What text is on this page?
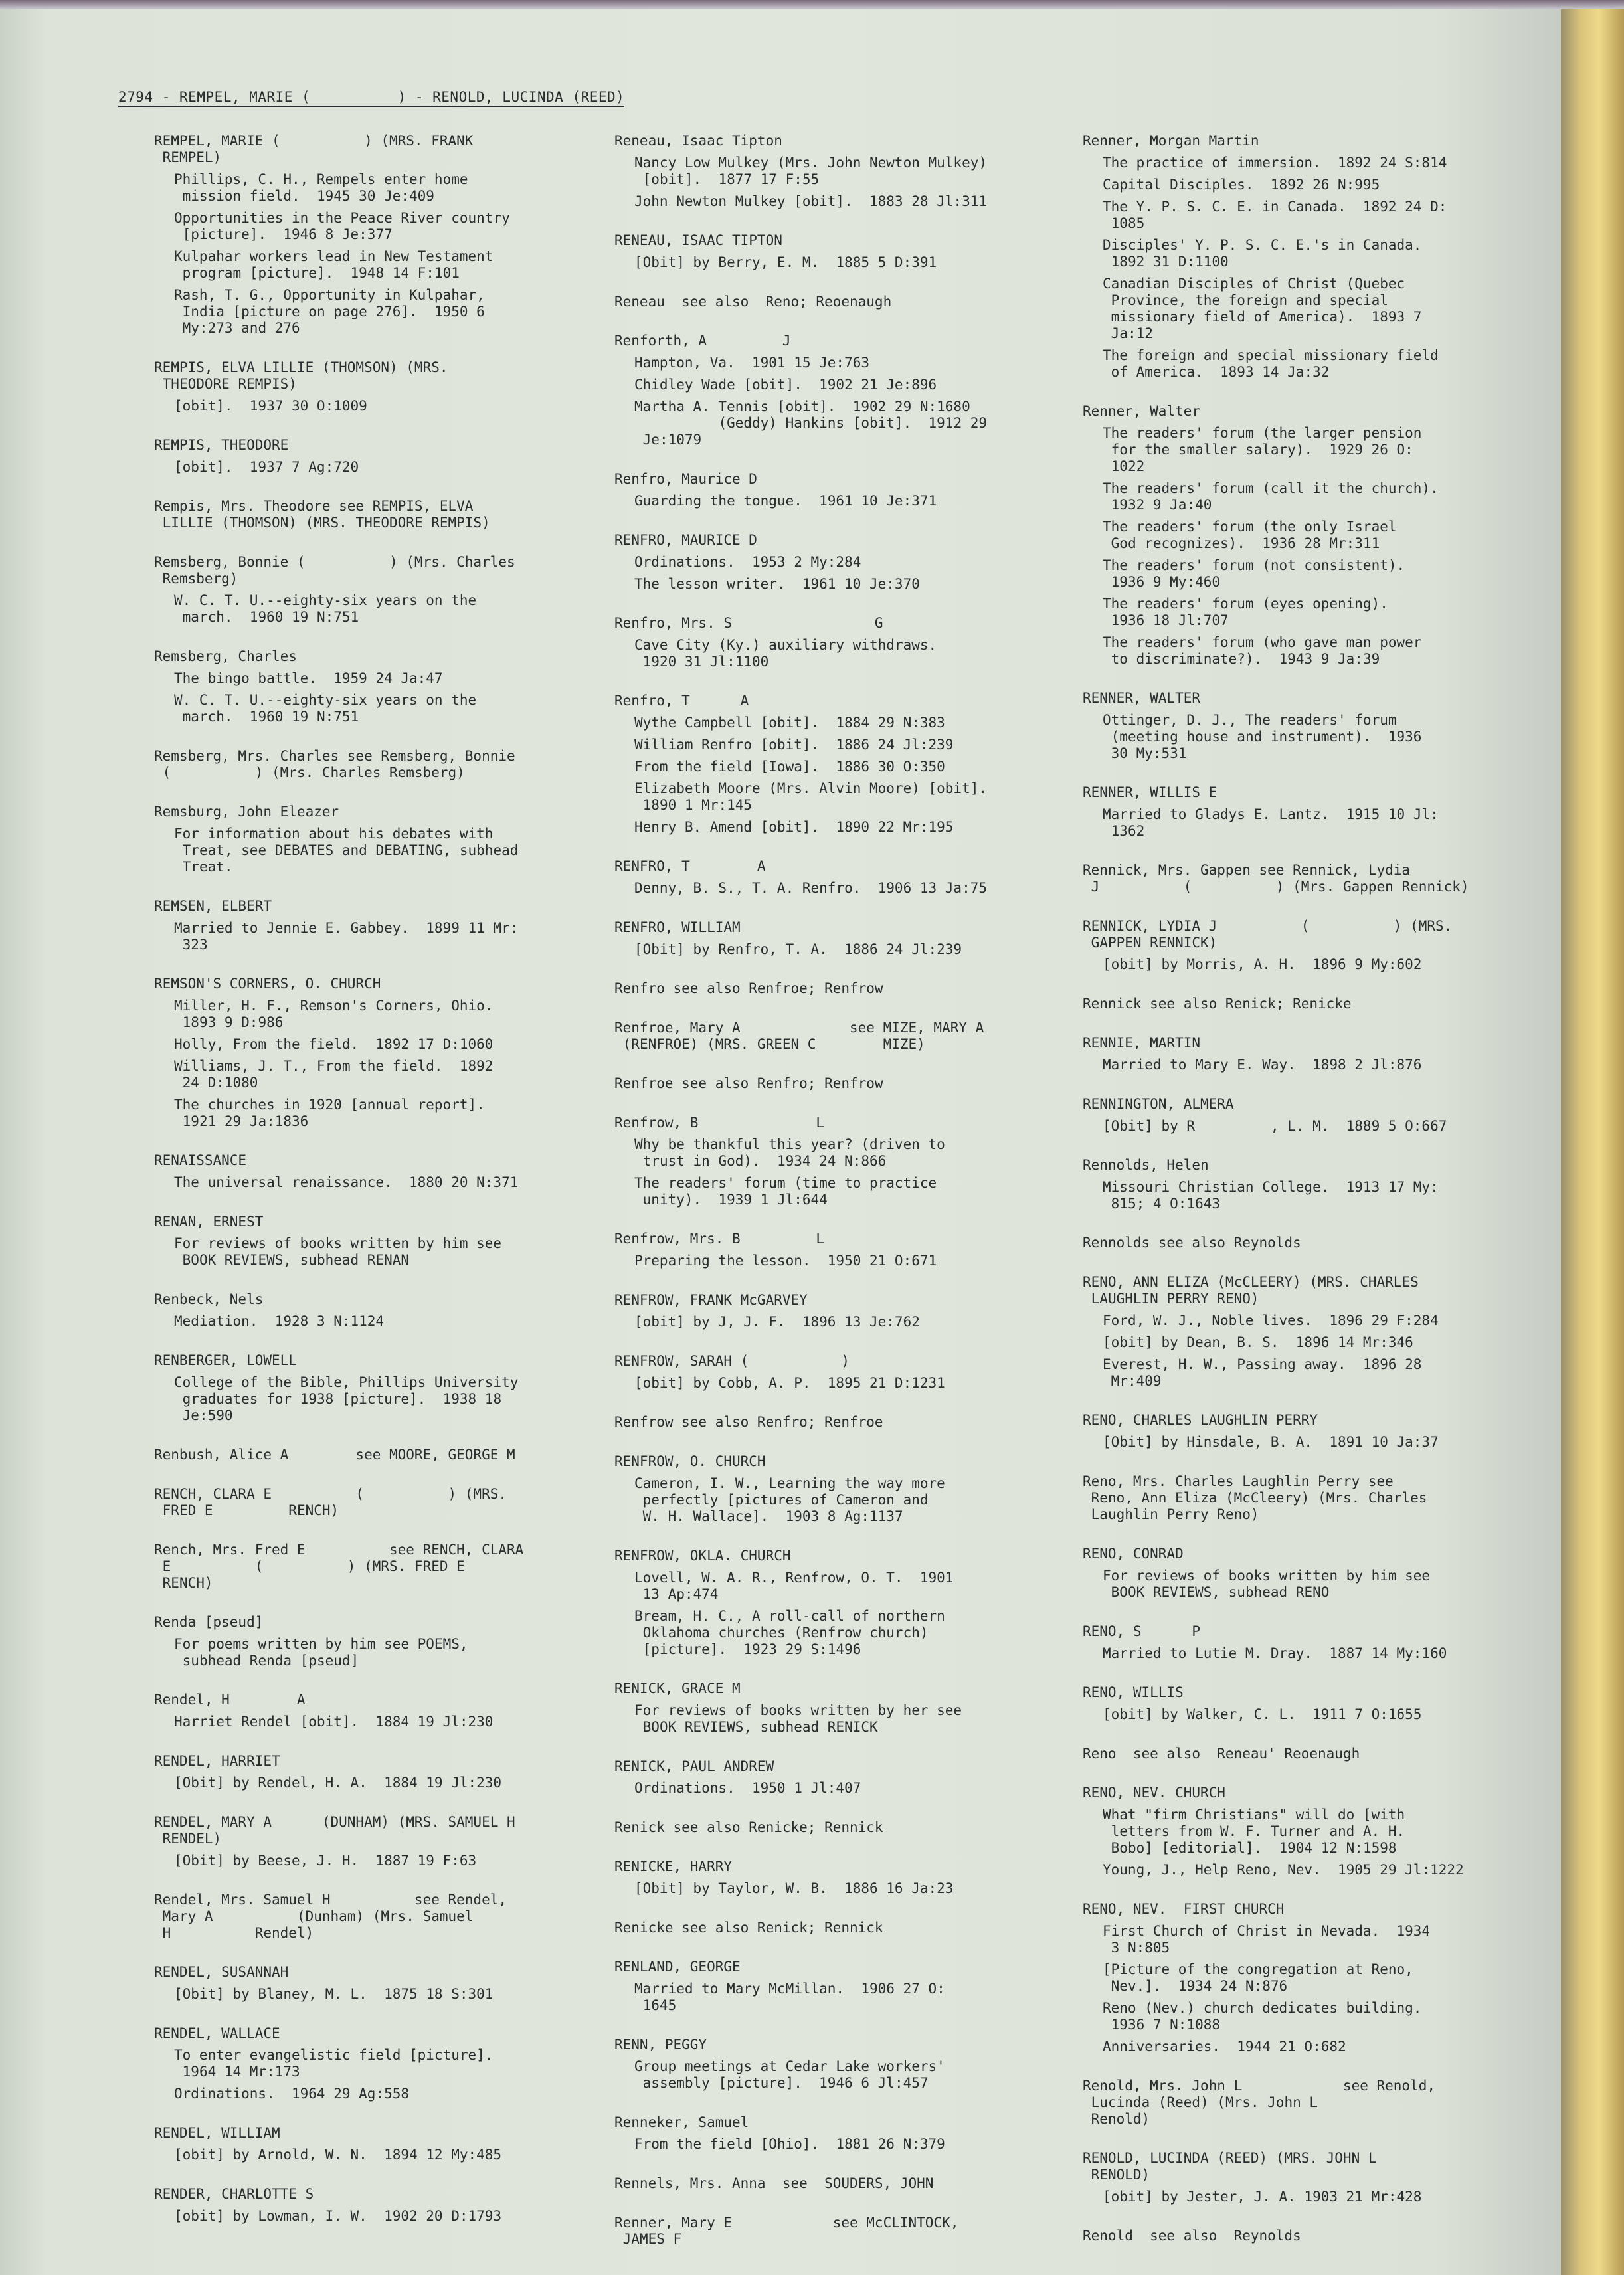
2794 - REMPEL, MARIE (          ) - RENOLD, LUCINDA (REED)
REMPEL, MARIE (          ) (MRS. FRANK
REMPEL)
Phillips, C. H., Rempels enter home
mission field.  1945 30 Je:409
Opportunities in the Peace River country
[picture].  1946 8 Je:377
Kulpahar workers lead in New Testament
program [picture].  1948 14 F:101
Rash, T. G., Opportunity in Kulpahar,
India [picture on page 276].  1950 6
My:273 and 276
REMPIS, ELVA LILLIE (THOMSON) (MRS.
THEODORE REMPIS)
[obit].  1937 30 O:1009
REMPIS, THEODORE
[obit].  1937 7 Ag:720
Rempis, Mrs. Theodore see REMPIS, ELVA
LILLIE (THOMSON) (MRS. THEODORE REMPIS)
Remsberg, Bonnie (          ) (Mrs. Charles
Remsberg)
W. C. T. U.--eighty-six years on the
march.  1960 19 N:751
Remsberg, Charles
The bingo battle.  1959 24 Ja:47
W. C. T. U.--eighty-six years on the
march.  1960 19 N:751
Remsberg, Mrs. Charles see Remsberg, Bonnie
(          ) (Mrs. Charles Remsberg)
Remsburg, John Eleazer
For information about his debates with
Treat, see DEBATES and DEBATING, subhead
Treat.
REMSEN, ELBERT
Married to Jennie E. Gabbey.  1899 11 Mr:
323
REMSON'S CORNERS, O. CHURCH
Miller, H. F., Remson's Corners, Ohio.
1893 9 D:986
Holly, From the field.  1892 17 D:1060
Williams, J. T., From the field.  1892
24 D:1080
The churches in 1920 [annual report].
1921 29 Ja:1836
RENAISSANCE
The universal renaissance.  1880 20 N:371
RENAN, ERNEST
For reviews of books written by him see
BOOK REVIEWS, subhead RENAN
Renbeck, Nels
Mediation.  1928 3 N:1124
RENBERGER, LOWELL
College of the Bible, Phillips University
graduates for 1938 [picture].  1938 18
Je:590
Renbush, Alice A        see MOORE, GEORGE M
RENCH, CLARA E          (          ) (MRS.
FRED E         RENCH)
Rench, Mrs. Fred E          see RENCH, CLARA
E          (          ) (MRS. FRED E
RENCH)
Renda [pseud]
For poems written by him see POEMS,
subhead Renda [pseud]
Rendel, H        A
Harriet Rendel [obit].  1884 19 Jl:230
RENDEL, HARRIET
[Obit] by Rendel, H. A.  1884 19 Jl:230
RENDEL, MARY A      (DUNHAM) (MRS. SAMUEL H
RENDEL)
[Obit] by Beese, J. H.  1887 19 F:63
Rendel, Mrs. Samuel H          see Rendel,
Mary A          (Dunham) (Mrs. Samuel
H          Rendel)
RENDEL, SUSANNAH
[Obit] by Blaney, M. L.  1875 18 S:301
RENDEL, WALLACE
To enter evangelistic field [picture].
1964 14 Mr:173
Ordinations.  1964 29 Ag:558
RENDEL, WILLIAM
[obit] by Arnold, W. N.  1894 12 My:485
RENDER, CHARLOTTE S
[obit] by Lowman, I. W.  1902 20 D:1793
Reneau, Isaac Tipton
Nancy Low Mulkey (Mrs. John Newton Mulkey)
[obit].  1877 17 F:55
John Newton Mulkey [obit].  1883 28 Jl:311
RENEAU, ISAAC TIPTON
[Obit] by Berry, E. M.  1885 5 D:391
Reneau  see also  Reno; Reoenaugh
Renforth, A         J
Hampton, Va.  1901 15 Je:763
Chidley Wade [obit].  1902 21 Je:896
Martha A. Tennis [obit].  1902 29 N:1680
(Geddy) Hankins [obit].  1912 29
Je:1079
Renfro, Maurice D
Guarding the tongue.  1961 10 Je:371
RENFRO, MAURICE D
Ordinations.  1953 2 My:284
The lesson writer.  1961 10 Je:370
Renfro, Mrs. S                 G
Cave City (Ky.) auxiliary withdraws.
1920 31 Jl:1100
Renfro, T      A
Wythe Campbell [obit].  1884 29 N:383
William Renfro [obit].  1886 24 Jl:239
From the field [Iowa].  1886 30 O:350
Elizabeth Moore (Mrs. Alvin Moore) [obit].
1890 1 Mr:145
Henry B. Amend [obit].  1890 22 Mr:195
RENFRO, T        A
Denny, B. S., T. A. Renfro.  1906 13 Ja:75
RENFRO, WILLIAM
[Obit] by Renfro, T. A.  1886 24 Jl:239
Renfro see also Renfroe; Renfrow
Renfroe, Mary A             see MIZE, MARY A
(RENFROE) (MRS. GREEN C        MIZE)
Renfroe see also Renfro; Renfrow
Renfrow, B              L
Why be thankful this year? (driven to
trust in God).  1934 24 N:866
The readers' forum (time to practice
unity).  1939 1 Jl:644
Renfrow, Mrs. B         L
Preparing the lesson.  1950 21 O:671
RENFROW, FRANK McGARVEY
[obit] by J, J. F.  1896 13 Je:762
RENFROW, SARAH (           )
[obit] by Cobb, A. P.  1895 21 D:1231
Renfrow see also Renfro; Renfroe
RENFROW, O. CHURCH
Cameron, I. W., Learning the way more
perfectly [pictures of Cameron and
W. H. Wallace].  1903 8 Ag:1137
RENFROW, OKLA. CHURCH
Lovell, W. A. R., Renfrow, O. T.  1901
13 Ap:474
Bream, H. C., A roll-call of northern
Oklahoma churches (Renfrow church)
[picture].  1923 29 S:1496
RENICK, GRACE M
For reviews of books written by her see
BOOK REVIEWS, subhead RENICK
RENICK, PAUL ANDREW
Ordinations.  1950 1 Jl:407
Renick see also Renicke; Rennick
RENICKE, HARRY
[Obit] by Taylor, W. B.  1886 16 Ja:23
Renicke see also Renick; Rennick
RENLAND, GEORGE
Married to Mary McMillan.  1906 27 O:
1645
RENN, PEGGY
Group meetings at Cedar Lake workers'
assembly [picture].  1946 6 Jl:457
Renneker, Samuel
From the field [Ohio].  1881 26 N:379
Rennels, Mrs. Anna  see  SOUDERS, JOHN
Renner, Mary E            see McCLINTOCK,
JAMES F
Renner, Morgan Martin
The practice of immersion.  1892 24 S:814
Capital Disciples.  1892 26 N:995
The Y. P. S. C. E. in Canada.  1892 24 D:
1085
Disciples' Y. P. S. C. E.'s in Canada.
1892 31 D:1100
Canadian Disciples of Christ (Quebec
Province, the foreign and special
missionary field of America).  1893 7
Ja:12
The foreign and special missionary field
of America.  1893 14 Ja:32
Renner, Walter
The readers' forum (the larger pension
for the smaller salary).  1929 26 O:
1022
The readers' forum (call it the church).
1932 9 Ja:40
The readers' forum (the only Israel
God recognizes).  1936 28 Mr:311
The readers' forum (not consistent).
1936 9 My:460
The readers' forum (eyes opening).
1936 18 Jl:707
The readers' forum (who gave man power
to discriminate?).  1943 9 Ja:39
RENNER, WALTER
Ottinger, D. J., The readers' forum
(meeting house and instrument).  1936
30 My:531
RENNER, WILLIS E
Married to Gladys E. Lantz.  1915 10 Jl:
1362
Rennick, Mrs. Gappen see Rennick, Lydia
J          (          ) (Mrs. Gappen Rennick)
RENNICK, LYDIA J          (          ) (MRS.
GAPPEN RENNICK)
[obit] by Morris, A. H.  1896 9 My:602
Rennick see also Renick; Renicke
RENNIE, MARTIN
Married to Mary E. Way.  1898 2 Jl:876
RENNINGTON, ALMERA
[Obit] by R         , L. M.  1889 5 O:667
Rennolds, Helen
Missouri Christian College.  1913 17 My:
815; 4 O:1643
Rennolds see also Reynolds
RENO, ANN ELIZA (McCLEERY) (MRS. CHARLES
LAUGHLIN PERRY RENO)
Ford, W. J., Noble lives.  1896 29 F:284
[obit] by Dean, B. S.  1896 14 Mr:346
Everest, H. W., Passing away.  1896 28
Mr:409
RENO, CHARLES LAUGHLIN PERRY
[Obit] by Hinsdale, B. A.  1891 10 Ja:37
Reno, Mrs. Charles Laughlin Perry see
Reno, Ann Eliza (McCleery) (Mrs. Charles
Laughlin Perry Reno)
RENO, CONRAD
For reviews of books written by him see
BOOK REVIEWS, subhead RENO
RENO, S      P
Married to Lutie M. Dray.  1887 14 My:160
RENO, WILLIS
[obit] by Walker, C. L.  1911 7 O:1655
Reno  see also  Reneau' Reoenaugh
RENO, NEV. CHURCH
What "firm Christians" will do [with
letters from W. F. Turner and A. H.
Bobo] [editorial].  1904 12 N:1598
Young, J., Help Reno, Nev.  1905 29 Jl:1222
RENO, NEV.  FIRST CHURCH
First Church of Christ in Nevada.  1934
3 N:805
[Picture of the congregation at Reno,
Nev.].  1934 24 N:876
Reno (Nev.) church dedicates building.
1936 7 N:1088
Anniversaries.  1944 21 O:682
Renold, Mrs. John L            see Renold,
Lucinda (Reed) (Mrs. John L
Renold)
RENOLD, LUCINDA (REED) (MRS. JOHN L
RENOLD)
[obit] by Jester, J. A. 1903 21 Mr:428
Renold  see also  Reynolds
